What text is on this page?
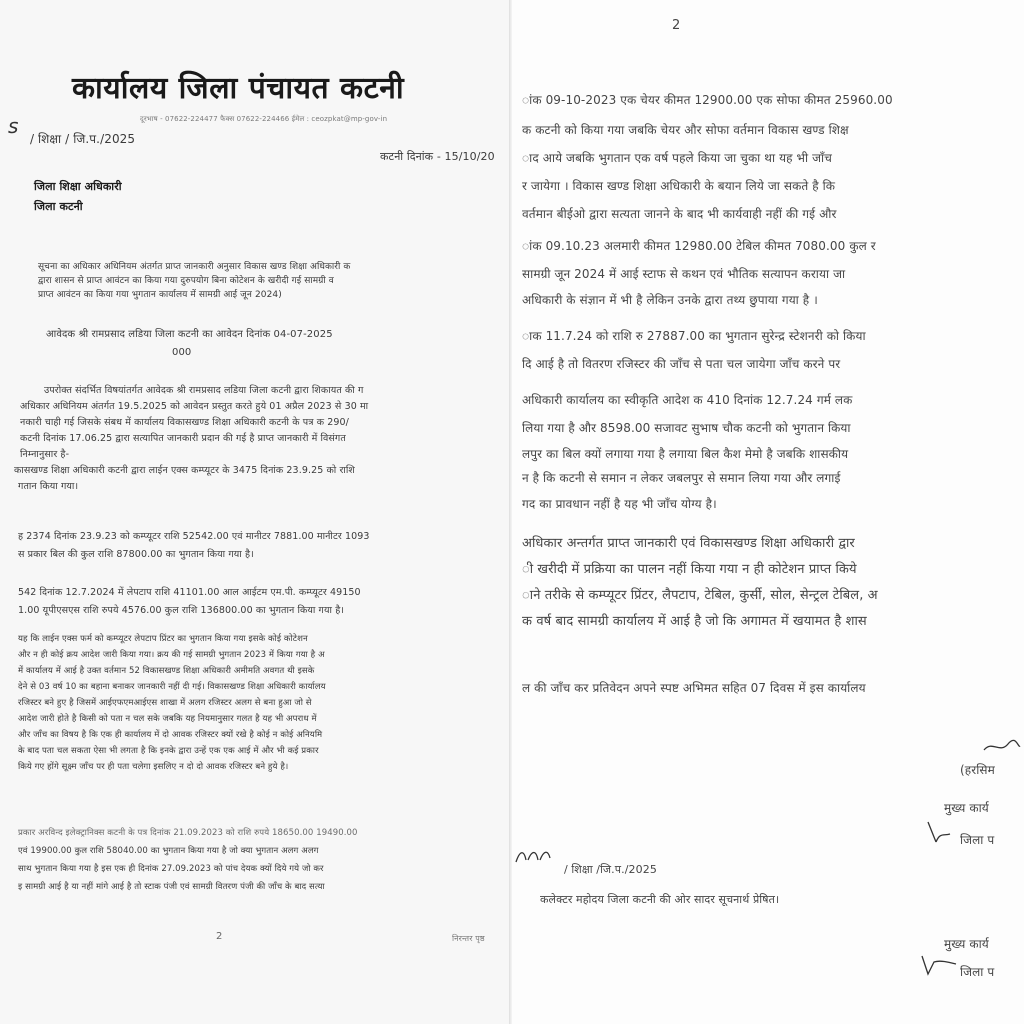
s
कार्यालय जिला पंचायत कटनी
दूरभाष - 07622-224477 फैक्स 07622-224466 ईमेल : ceozpkat@mp-gov-in
/ शिक्षा / जि.प./2025
कटनी दिनांक - 15/10/20
जिला शिक्षा अधिकारी
जिला कटनी
सूचना का अधिकार अधिनियम अंतर्गत प्राप्त जानकारी अनुसार विकास खण्ड शिक्षा अधिकारी क
द्वारा शासन से प्राप्त आवंटन का किया गया दुरुपयोग बिना कोटेशन के खरीदी गई सामग्री व
प्राप्त आवंटन का किया गया भुगतान कार्यालय में सामग्री आई जून 2024)
आवेदक श्री रामप्रसाद लडिया जिला कटनी का आवेदन दिनांक 04-07-2025
000
उपरोक्त संदर्भित विषयांतर्गत आवेदक श्री रामप्रसाद लडिया जिला कटनी द्वारा शिकायत की ग
अधिकार अधिनियम अंतर्गत 19.5.2025 को आवेदन प्रस्तुत करते हुये 01 अप्रैल 2023 से 30 मा
नकारी चाही गई जिसके संबध में कार्यालय विकासखण्ड शिक्षा अधिकारी कटनी के पत्र क 290/
कटनी दिनांक 17.06.25 द्वारा सत्यापित जानकारी प्रदान की गई है प्राप्त जानकारी में विसंगत
निम्नानुसार है-
कासखण्ड शिक्षा अधिकारी कटनी द्वारा लाईन एक्स कम्प्यूटर के 3475 दिनांक 23.9.25 को राशि
गतान किया गया।
ह 2374 दिनांक 23.9.23 को कम्प्यूटर राशि 52542.00 एवं मानीटर 7881.00 मानीटर 1093
स प्रकार बिल की कुल राशि 87800.00 का भुगतान किया गया है।
542 दिनांक 12.7.2024 में लेपटाप राशि 41101.00 आल आईटम एम.पी. कम्प्यूटर 49150
1.00 यूपीएसएस राशि रुपये 4576.00 कुल राशि 136800.00 का भुगतान किया गया है।
यह कि लाईन एक्स फर्म को कम्प्यूटर लेपटाप प्रिंटर का भुगतान किया गया इसके कोई कोटेशन
और न ही कोई क्रय आदेश जारी किया गया। क्रय की गई सामग्री भुगतान 2023 में किया गया है अ
में कार्यालय में आई है उक्त वर्तमान 52 विकासखण्ड शिक्षा अधिकारी अमीमति अवगत थी इसके
देने से 03 वर्ष 10 का बहाना बनाकर जानकारी नहीं दी गई। विकासखण्ड शिक्षा अधिकारी कार्यालय
रजिस्टर बने हुए है जिसमें आईएफएमआईएस शाखा में अलग रजिस्टर अलग से बना हुआ जो से
आदेश जारी होते है किसी को पता न चल सके जबकि यह नियमानुसार गलत है यह भी अपराध में
और जाँच का विषय है कि एक ही कार्यालय में दो आवक रजिस्टर क्यों रखे है कोई न कोई अनियमि
के बाद पता चल सकता ऐसा भी लगता है कि इनके द्वारा उन्हें एक एक आई में और भी कई प्रकार
किये गए होंगे सूक्ष्म जाँच पर ही पता चलेगा इसलिए न दो दो आवक रजिस्टर बने हुये है।
प्रकार अरविन्द इलेक्ट्रानिक्स कटनी के पत्र दिनांक 21.09.2023 को राशि रुपये 18650.00 19490.00
एवं 19900.00 कुल राशि 58040.00 का भुगतान किया गया है जो क्या भुगतान अलग अलग
साथ भुगतान किया गया है इस एक ही दिनांक 27.09.2023 को पांच देयक क्यों दिये गये जो कर
इ सामग्री आई है या नहीं मांगे आई है तो स्टाक पंजी एवं सामग्री वितरण पंजी की जाँच के बाद सत्या
2	निरन्तर पृष्ठ
2
ांक 09-10-2023 एक चेयर कीमत 12900.00 एक सोफा कीमत 25960.00
क कटनी को किया गया जबकि चेयर और सोफा वर्तमान विकास खण्ड शिक्ष
ाद आये जबकि भुगतान एक वर्ष पहले किया जा चुका था यह भी जाँच
र जायेगा । विकास खण्ड शिक्षा अधिकारी के बयान लिये जा सकते है कि
वर्तमान बीईओ द्वारा सत्यता जानने के बाद भी कार्यवाही नहीं की गई और
ांक 09.10.23 अलमारी कीमत 12980.00 टेबिल कीमत 7080.00 कुल र
सामग्री जून 2024 में आई स्टाफ से कथन एवं भौतिक सत्यापन कराया जा
अधिकारी के संज्ञान में भी है लेकिन उनके द्वारा तथ्य छुपाया गया है ।
ाक 11.7.24 को राशि रु 27887.00 का भुगतान सुरेन्द्र स्टेशनरी को किया
दि आई है तो वितरण रजिस्टर की जाँच से पता चल जायेगा जाँच करने पर
अधिकारी कार्यालय का स्वीकृति आदेश क 410 दिनांक 12.7.24 गर्म लक
लिया गया है और 8598.00 सजावट सुभाष चौक कटनी को भुगतान किया
लपुर का बिल क्यों लगाया गया है लगाया बिल कैश मेमो है जबकि शासकीय
न है कि कटनी से समान न लेकर जबलपुर से समान लिया गया और लगाई
गद का प्रावधान नहीं है यह भी जाँच योग्य है।
अधिकार अन्तर्गत प्राप्त जानकारी एवं विकासखण्ड शिक्षा अधिकारी द्वार
ी खरीदी में प्रक्रिया का पालन नहीं किया गया न ही कोटेशन प्राप्त किये
ाने तरीके से कम्प्यूटर प्रिंटर, लैपटाप, टेबिल, कुर्सी, सोल, सेन्ट्रल टेबिल, अ
क वर्ष बाद सामग्री कार्यालय में आई है जो कि अगामत में खयामत है शास
ल की जाँच कर प्रतिवेदन अपने स्पष्ट अभिमत सहित 07 दिवस में इस कार्यालय
(हरसिम
मुख्य कार्य
जिला प
/ शिक्षा /जि.प./2025
कलेक्टर महोदय जिला कटनी की ओर सादर सूचनार्थ प्रेषित।
मुख्य कार्य
जिला प
